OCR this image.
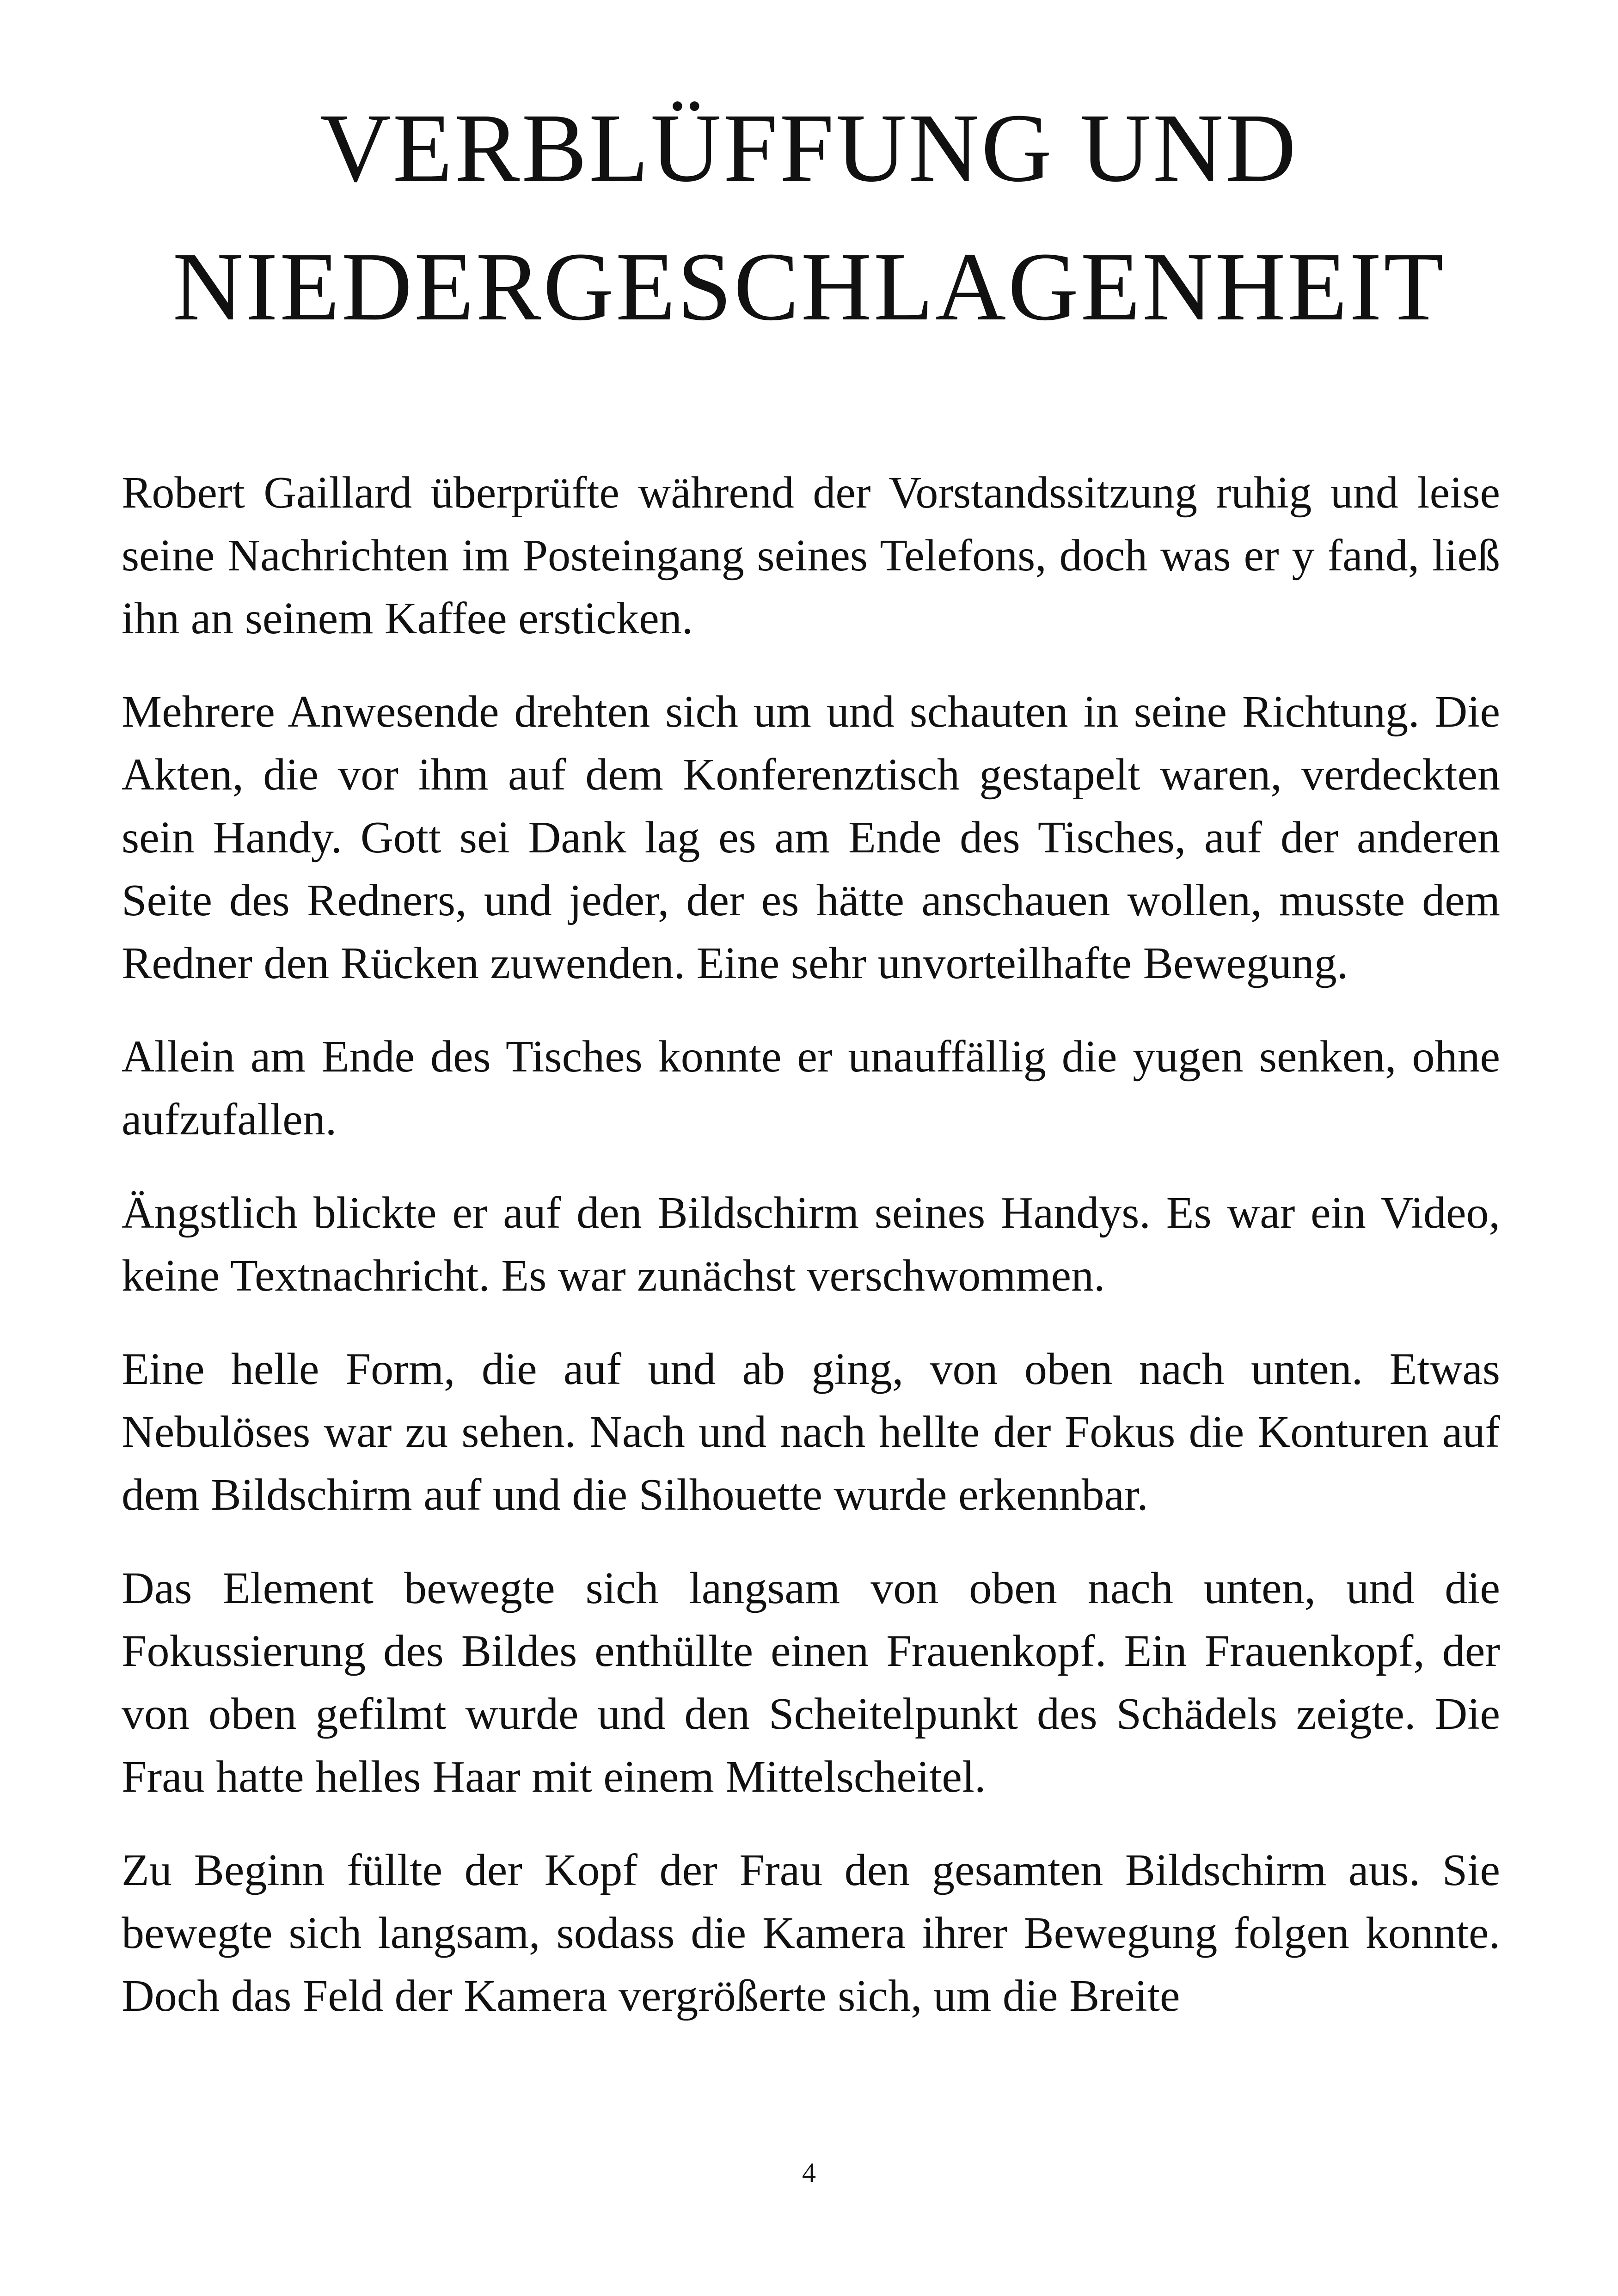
VERBLÜFFUNG UND
NIEDERGESCHLAGENHEIT

Robert Gaillard überprüfte während der Vorstandssitzung ruhig und leise seine Nachrichten im Posteingang seines Telefons, doch was er y fand, ließ ihn an seinem Kaffee ersticken.

Mehrere Anwesende drehten sich um und schauten in seine Richtung. Die Akten, die vor ihm auf dem Konferenztisch gestapelt waren, verdeckten sein Handy. Gott sei Dank lag es am Ende des Tisches, auf der anderen Seite des Redners, und jeder, der es hätte anschauen wollen, musste dem Redner den Rücken zuwenden. Eine sehr unvorteilhafte Bewegung.

Allein am Ende des Tisches konnte er unauffällig die yugen senken, ohne aufzufallen.

Ängstlich blickte er auf den Bildschirm seines Handys. Es war ein Video, keine Textnachricht. Es war zunächst verschwommen.

Eine helle Form, die auf und ab ging, von oben nach unten. Etwas Nebulöses war zu sehen. Nach und nach hellte der Fokus die Konturen auf dem Bildschirm auf und die Silhouette wurde erkennbar.

Das Element bewegte sich langsam von oben nach unten, und die Fokussierung des Bildes enthüllte einen Frauenkopf. Ein Frauenkopf, der von oben gefilmt wurde und den Scheitelpunkt des Schädels zeigte. Die Frau hatte helles Haar mit einem Mittelscheitel.

Zu Beginn füllte der Kopf der Frau den gesamten Bildschirm aus. Sie bewegte sich langsam, sodass die Kamera ihrer Bewegung folgen konnte. Doch das Feld der Kamera vergrößerte sich, um die Breite

4
